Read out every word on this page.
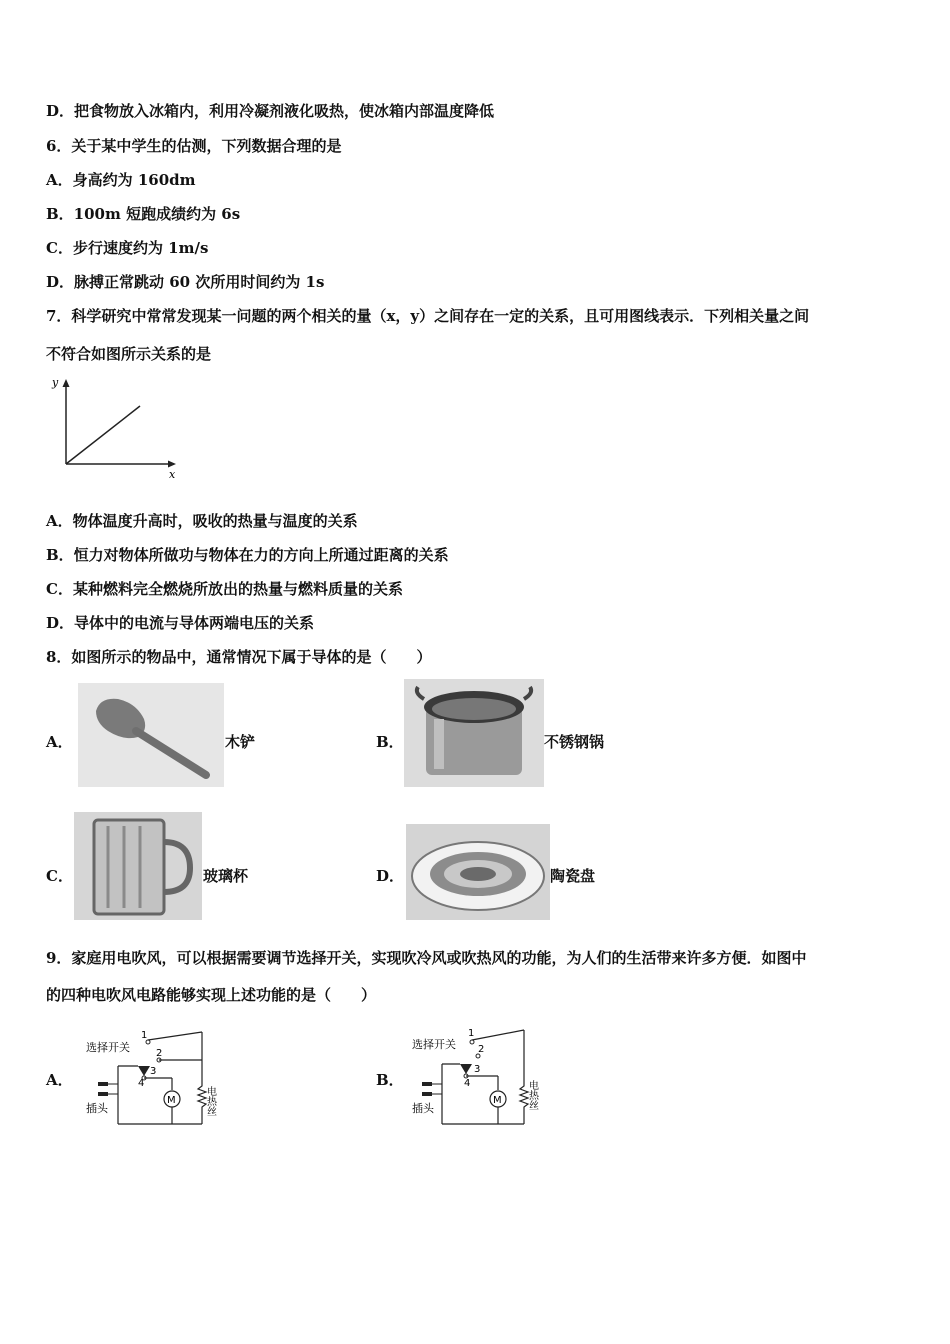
D．把食物放入冰箱内，利用冷凝剂液化吸热，使冰箱内部温度降低
6．关于某中学生的估测，下列数据合理的是
A．身高约为 160dm
B．100m 短跑成绩约为 6s
C．步行速度约为 1m/s
D．脉搏正常跳动 60 次所用时间约为 1s
7．科学研究中常常发现某一问题的两个相关的量（x，y）之间存在一定的关系，且可用图线表示．下列相关量之间
不符合如图所示关系的是
y
x
A．物体温度升高时，吸收的热量与温度的关系
B．恒力对物体所做功与物体在力的方向上所通过距离的关系
C．某种燃料完全燃烧所放出的热量与燃料质量的关系
D．导体中的电流与导体两端电压的关系
8．如图所示的物品中，通常情况下属于导体的是（　　）
A．	木铲	B．	不锈钢锅
C．	玻璃杯	D．	陶瓷盘
9．家庭用电吹风，可以根据需要调节选择开关，实现吹冷风或吹热风的功能，为人们的生活带来许多方便．如图中
的四种电吹风电路能够实现上述功能的是（　　）
A．
选择开关
1
2
3
4
M	电热丝
插头
B．
选择开关
1
2
3
4
M 电热丝
插头
